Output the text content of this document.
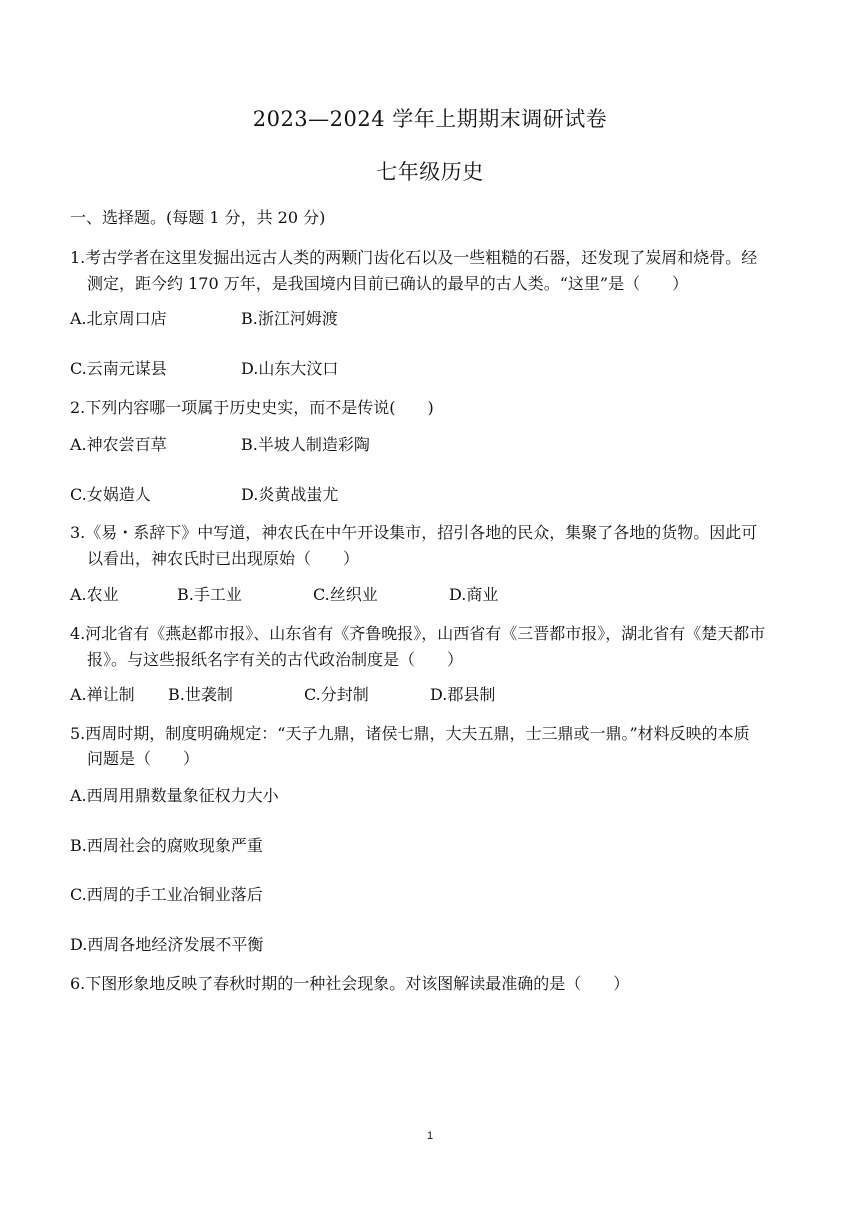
2023—2024 学年上期期末调研试卷
七年级历史
一、选择题。(每题 1 分，共 20 分)
1.考古学者在这里发掘出远古人类的两颗门齿化石以及一些粗糙的石器，还发现了炭屑和烧骨。经
测定，距今约 170 万年，是我国境内目前已确认的最早的古人类。“这里”是（　　）
A.北京周口店	B.浙江河姆渡
C.云南元谋县	D.山东大汶口
2.下列内容哪一项属于历史史实，而不是传说(　　)
A.神农尝百草	B.半坡人制造彩陶
C.女娲造人	D.炎黄战蚩尤
3.《易・系辞下》中写道，神农氏在中午开设集市，招引各地的民众，集聚了各地的货物。因此可
以看出，神农氏时已出现原始（　　）
A.农业	B.手工业	C.丝织业	D.商业
4.河北省有《燕赵都市报》、山东省有《齐鲁晚报》，山西省有《三晋都市报》，湖北省有《楚天都市
报》。与这些报纸名字有关的古代政治制度是（　　）
A.禅让制 B.世袭制	C.分封制	D.郡县制
5.西周时期，制度明确规定：“天子九鼎，诸侯七鼎，大夫五鼎，士三鼎或一鼎。”材料反映的本质
问题是（　　）
A.西周用鼎数量象征权力大小
B.西周社会的腐败现象严重
C.西周的手工业冶铜业落后
D.西周各地经济发展不平衡
6.下图形象地反映了春秋时期的一种社会现象。对该图解读最准确的是（　　）
1
